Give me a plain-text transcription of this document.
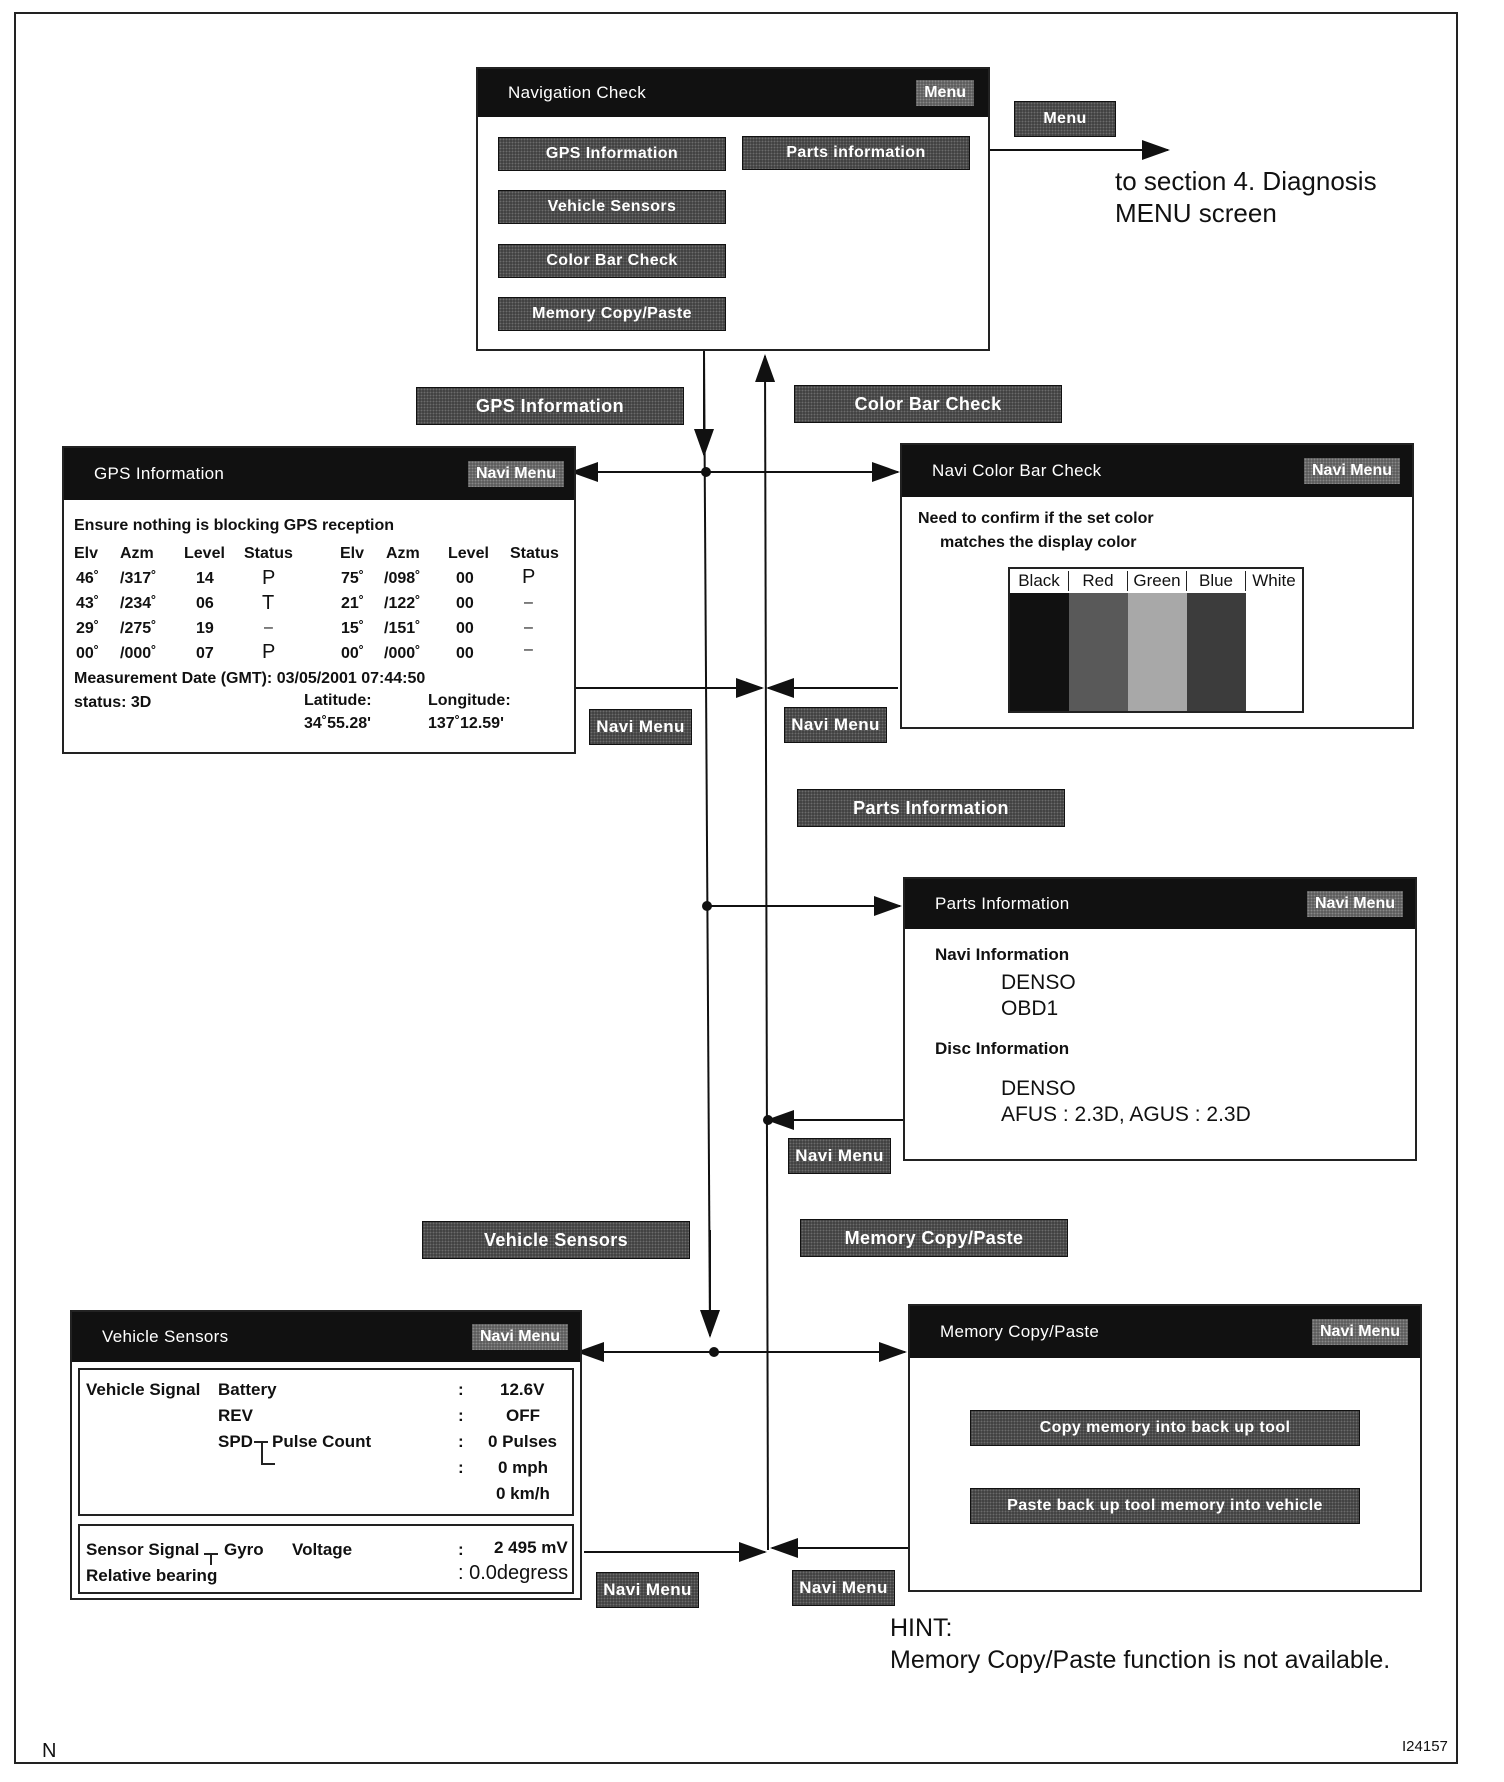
Navigation Check	Menu
GPS Information	Parts information
Vehicle Sensors
Color Bar Check
Memory Copy/Paste
Menu
to section 4. Diagnosis
MENU screen
GPS Information	Color Bar Check
Parts Information
Vehicle Sensors	Memory Copy/Paste
Navi Menu	Navi Menu
Navi Menu
Navi Menu	Navi Menu
GPS Information	Navi Menu
Ensure nothing is blocking GPS reception
Elv Azm Level Status	Elv Azm Level Status
46˚ /317˚ 14 P	75˚ /098˚ 00 P
43˚ /234˚ 06 T	21˚ /122˚ 00	–
29˚ /275˚ 19	–	15˚ /151˚ 00	–
00˚ /000˚ 07 P	00˚ /000˚ 00	–
Measurement Date (GMT): 03/05/2001 07:44:50
status: 3D	Latitude:
34˚55.28'
Longitude:
137˚12.59'
Navi Color Bar Check	Navi Menu
Need to confirm if the set color
matches the display color
Black	Red	Green	Blue	White
Parts Information	Navi Menu
Navi Information
DENSO
OBD1
Disc Information
DENSO
AFUS : 2.3D, AGUS : 2.3D
Vehicle Sensors	Navi Menu
Vehicle Signal Battery	: 12.6V
REV	: OFF
SPD Pulse Count	: 0 Pulses
: 0 mph
0 km/h
Sensor Signal Gyro Voltage	: 2 495 mV
Relative bearing	: 0.0degress
Memory Copy/Paste	Navi Menu
Copy memory into back up tool
Paste back up tool memory into vehicle
HINT:
Memory Copy/Paste function is not available.
N	I24157
